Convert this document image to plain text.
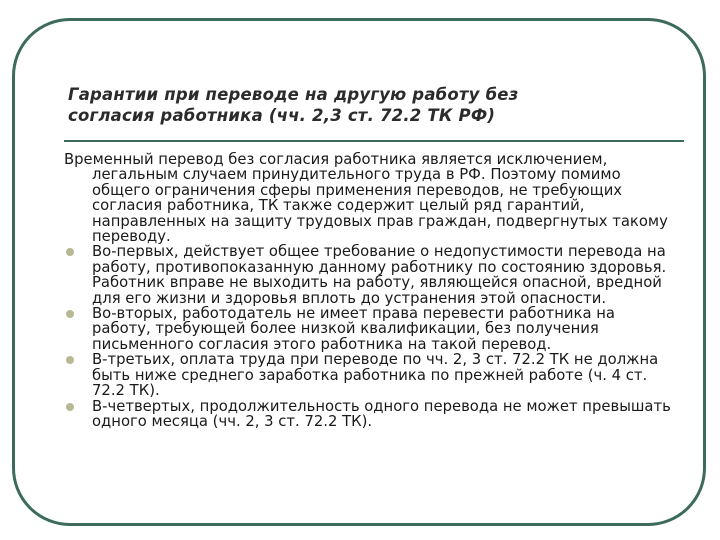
Гарантии при переводе на другую работу без
согласия работника (чч. 2,3 ст. 72.2 ТК РФ)

Временный перевод без согласия работника является исключением, легальным случаем принудительного труда в РФ. Поэтому помимо общего ограничения сферы применения переводов, не требующих согласия работника, ТК также содержит целый ряд гарантий, направленных на защиту трудовых прав граждан, подвергнутых такому переводу.

Во-первых, действует общее требование о недопустимости перевода на работу, противопоказанную данному работнику по состоянию здоровья. Работник вправе не выходить на работу, являющейся опасной, вредной для его жизни и здоровья вплоть до устранения этой опасности.
Во-вторых, работодатель не имеет права перевести работника на работу, требующей более низкой квалификации, без получения письменного согласия этого работника на такой перевод.
В-третьих, оплата труда при переводе по чч. 2, 3 ст. 72.2 ТК не должна быть ниже среднего заработка работника по прежней работе (ч. 4 ст. 72.2 ТК).
В-четвертых, продолжительность одного перевода не может превышать одного месяца (чч. 2, 3 ст. 72.2 ТК).
